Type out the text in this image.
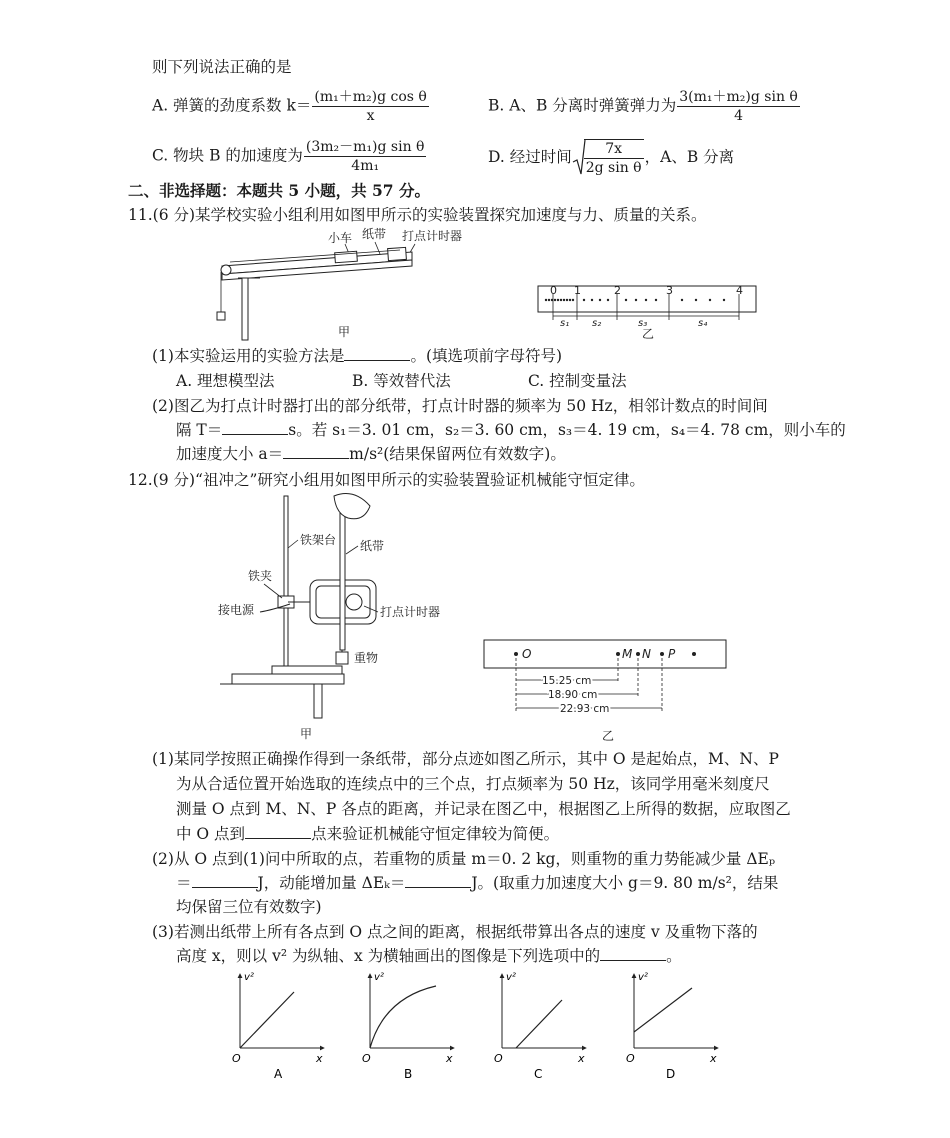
则下列说法正确的是
A. 弹簧的劲度系数 $k= \frac{\text{(m₁＋m₂)g cos θ}}{x}$	B. A、B 分离时弹簧弹力为 $\frac{\text{3(m₁＋m₂)g sin θ}}{4}$
C. 物块 B 的加速度为 $\frac{\text{(3m₂－m₁)g sin θ}}{\text{4m₁}}$	D. 经过时间 $\frac{7x}{\text{2g sin θ}}$ ，A、B 分离
二、非选择题：本题共 5 小题，共 57 分。
11.(6 分)某学校实验小组利用如图甲所示的实验装置探究加速度与力、质量的关系。
小车 纸带 打点计时器
甲
0 1	2	3	4
s₁ s₂	s₃	s₄
乙
(1)本实验运用的实验方法是	。(填选项前字母符号)
A. 理想模型法	B. 等效替代法	C. 控制变量法
(2)图乙为打点计时器打出的部分纸带，打点计时器的频率为 50 Hz，相邻计数点的时间间
隔 T＝	s。若 s₁＝3. 01 cm，s₂＝3. 60 cm，s₃＝4. 19 cm，s₄＝4. 78 cm，则小车的
加速度大小 a＝	m/s²(结果保留两位有效数字)。
12.(9 分)“祖冲之”研究小组用如图甲所示的实验装置验证机械能守恒定律。
铁架台 纸带
铁夹
接电源	打点计时器
重物
甲
O	M N P
15.25 cm
18.90 cm
22.93 cm
乙
(1)某同学按照正确操作得到一条纸带，部分点迹如图乙所示，其中 O 是起始点，M、N、P
为从合适位置开始选取的连续点中的三个点，打点频率为 50 Hz，该同学用毫米刻度尺
测量 O 点到 M、N、P 各点的距离，并记录在图乙中，根据图乙上所得的数据，应取图乙
中 O 点到	点来验证机械能守恒定律较为简便。
(2)从 O 点到(1)问中所取的点，若重物的质量 m＝0. 2 kg，则重物的重力势能减少量 ΔEₚ
＝	J，动能增加量 ΔEₖ＝	J。(取重力加速度大小 g＝9. 80 m/s²，结果
均保留三位有效数字)
(3)若测出纸带上所有各点到 O 点之间的距离，根据纸带算出各点的速度 v 及重物下落的
高度 x，则以 v² 为纵轴、x 为横轴画出的图像是下列选项中的	。
v²
O	x
A
v²
O	x
B
v²
O	x
C
v²
O	x
D
